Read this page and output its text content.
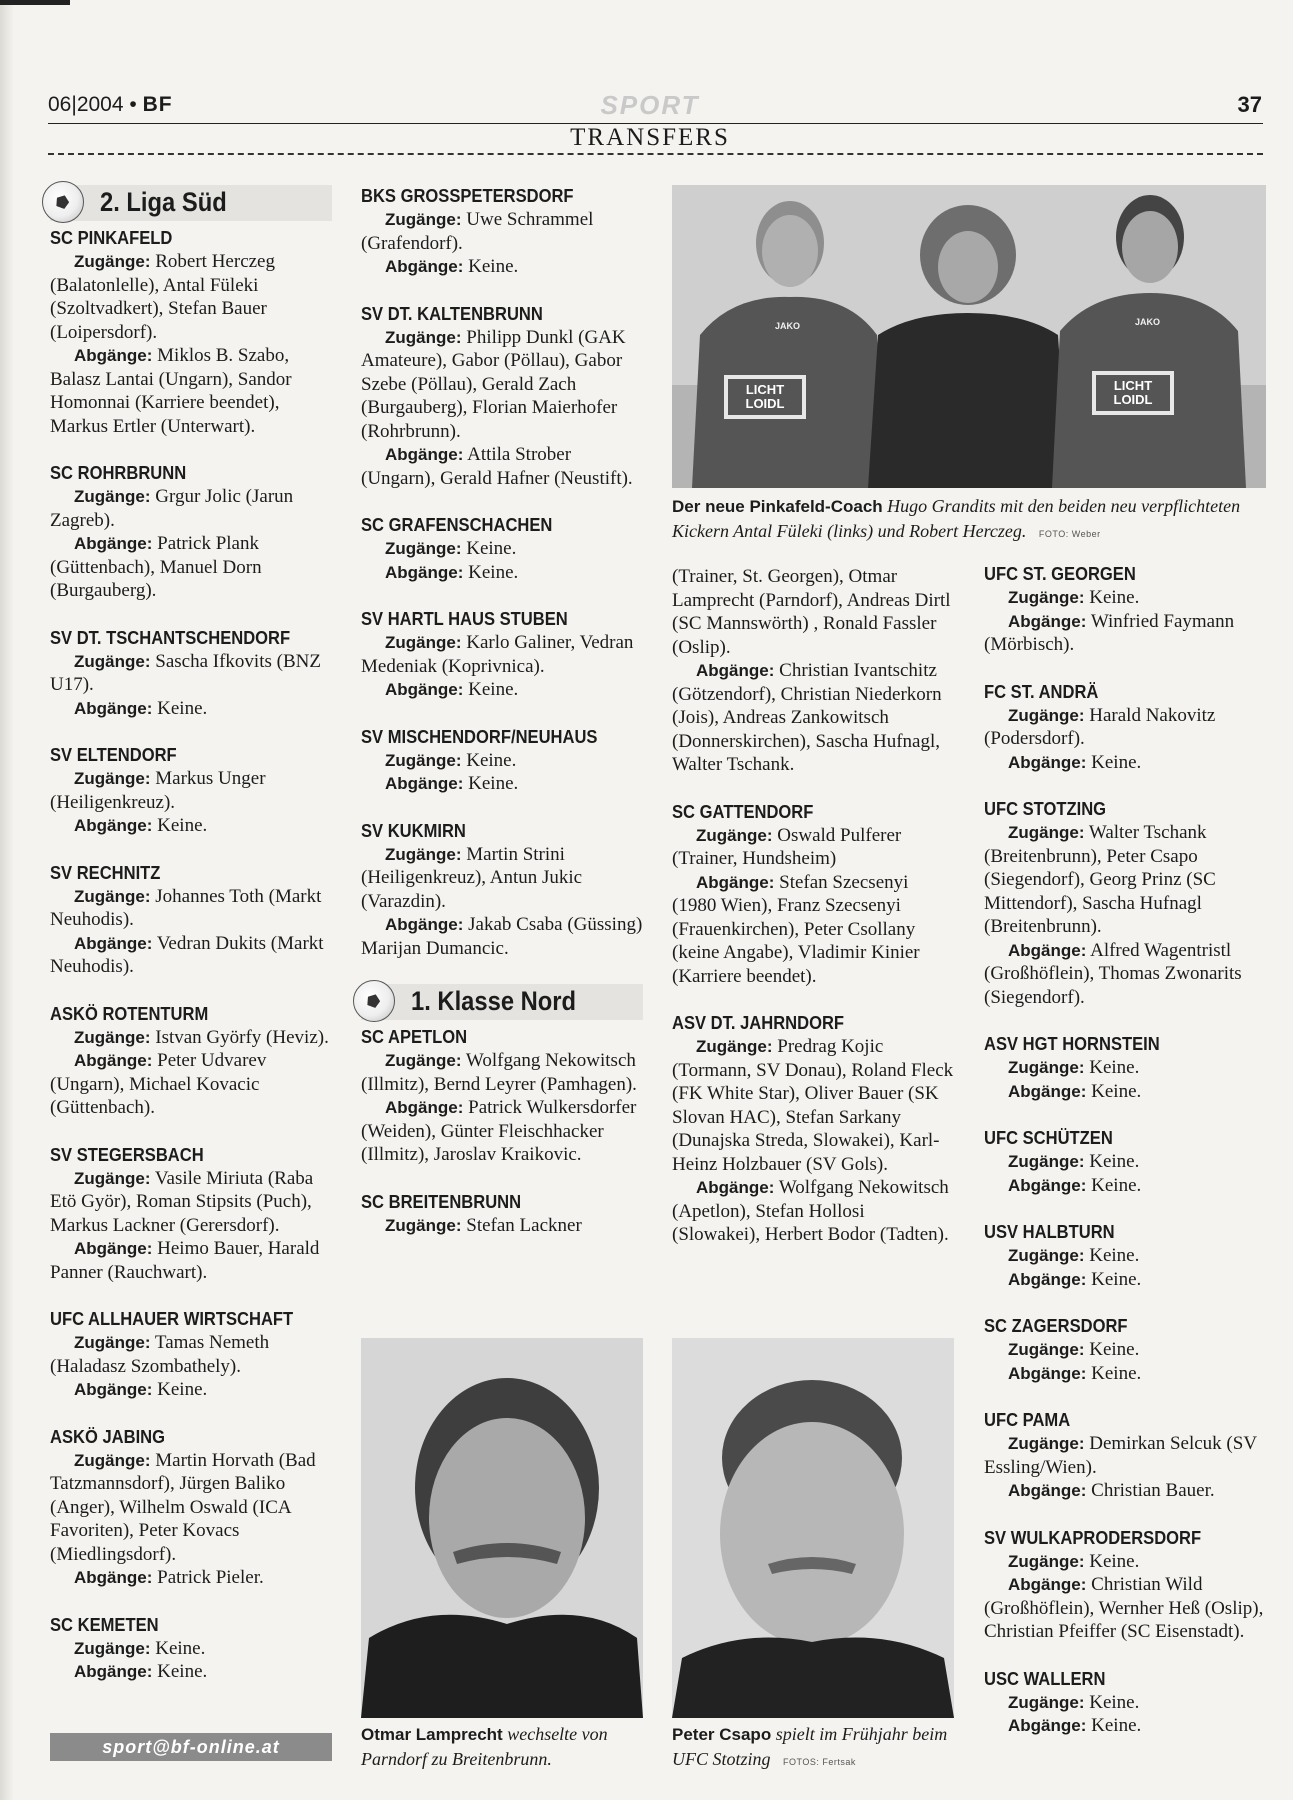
06|2004 • BF	SPORT	37
TRANSFERS
2. Liga Süd

SC PINKAFELD

Zugänge: Robert Herczeg (Balatonlelle), Antal Füleki (Szoltvadkert), Stefan Bauer (Loipersdorf).

Abgänge: Miklos B. Szabo, Balasz Lantai (Ungarn), Sandor Homonnai (Karriere beendet), Markus Ertler (Unterwart).

SC ROHRBRUNN

Zugänge: Grgur Jolic (Jarun Zagreb).

Abgänge: Patrick Plank (Güttenbach), Manuel Dorn (Burgauberg).

SV DT. TSCHANTSCHENDORF

Zugänge: Sascha Ifkovits (BNZ U17).

Abgänge: Keine.

SV ELTENDORF

Zugänge: Markus Unger (Heiligenkreuz).

Abgänge: Keine.

SV RECHNITZ

Zugänge: Johannes Toth (Markt Neuhodis).

Abgänge: Vedran Dukits (Markt Neuhodis).

ASKÖ ROTENTURM

Zugänge: Istvan Györfy (Heviz).

Abgänge: Peter Udvarev (Ungarn), Michael Kovacic (Güttenbach).

SV STEGERSBACH

Zugänge: Vasile Miriuta (Raba Etö Györ), Roman Stipsits (Puch), Markus Lackner (Gerersdorf).

Abgänge: Heimo Bauer, Harald Panner (Rauchwart).

UFC ALLHAUER WIRTSCHAFT

Zugänge: Tamas Nemeth (Haladasz Szombathely).

Abgänge: Keine.

ASKÖ JABING

Zugänge: Martin Horvath (Bad Tatzmannsdorf), Jürgen Baliko (Anger), Wilhelm Oswald (ICA Favoriten), Peter Kovacs (Miedlingsdorf).

Abgänge: Patrick Pieler.

SC KEMETEN

Zugänge: Keine.

Abgänge: Keine.

BKS GROSSPETERSDORF

Zugänge: Uwe Schrammel (Grafendorf).

Abgänge: Keine.

SV DT. KALTENBRUNN

Zugänge: Philipp Dunkl (GAK Amateure), Gabor (Pöllau), Gabor Szebe (Pöllau), Gerald Zach (Burgauberg), Florian Maierhofer (Rohrbrunn).

Abgänge: Attila Strober (Ungarn), Gerald Hafner (Neustift).

SC GRAFENSCHACHEN

Zugänge: Keine.

Abgänge: Keine.

SV HARTL HAUS STUBEN

Zugänge: Karlo Galiner, Vedran Medeniak (Koprivnica).

Abgänge: Keine.

SV MISCHENDORF/NEUHAUS

Zugänge: Keine.

Abgänge: Keine.

SV KUKMIRN

Zugänge: Martin Strini (Heiligenkreuz), Antun Jukic (Varazdin).

Abgänge: Jakab Csaba (Güssing) Marijan Dumancic.

1. Klasse Nord

SC APETLON

Zugänge: Wolfgang Nekowitsch (Illmitz), Bernd Leyrer (Pamhagen).

Abgänge: Patrick Wulkersdorfer (Weiden), Günter Fleischhacker (Illmitz), Jaroslav Kraikovic.

SC BREITENBRUNN

Zugänge: Stefan Lackner

JAKO	JAKO
LICHT LOIDL
LICHT LOIDL
Der neue Pinkafeld-Coach Hugo Grandits mit den beiden neu verpflichteten Kickern Antal Füleki (links) und Robert Herczeg. FOTO: Weber

(Trainer, St. Georgen), Otmar Lamprecht (Parndorf), Andreas Dirtl (SC Mannswörth) , Ronald Fassler (Oslip).

Abgänge: Christian Ivantschitz (Götzendorf), Christian Niederkorn (Jois), Andreas Zankowitsch (Donnerskirchen), Sascha Hufnagl, Walter Tschank.

SC GATTENDORF

Zugänge: Oswald Pulferer (Trainer, Hundsheim)

Abgänge: Stefan Szecsenyi (1980 Wien), Franz Szecsenyi (Frauenkirchen), Peter Csollany (keine Angabe), Vladimir Kinier (Karriere beendet).

ASV DT. JAHRNDORF

Zugänge: Predrag Kojic (Tormann, SV Donau), Roland Fleck (FK White Star), Oliver Bauer (SK Slovan HAC), Stefan Sarkany (Dunajska Streda, Slowakei), Karl-Heinz Holzbauer (SV Gols).

Abgänge: Wolfgang Nekowitsch (Apetlon), Stefan Hollosi (Slowakei), Herbert Bodor (Tadten).

UFC ST. GEORGEN

Zugänge: Keine.

Abgänge: Winfried Faymann (Mörbisch).

FC ST. ANDRÄ

Zugänge: Harald Nakovitz (Podersdorf).

Abgänge: Keine.

UFC STOTZING

Zugänge: Walter Tschank (Breitenbrunn), Peter Csapo (Siegendorf), Georg Prinz (SC Mittendorf), Sascha Hufnagl (Breitenbrunn).

Abgänge: Alfred Wagentristl (Großhöflein), Thomas Zwonarits (Siegendorf).

ASV HGT HORNSTEIN

Zugänge: Keine.

Abgänge: Keine.

UFC SCHÜTZEN

Zugänge: Keine.

Abgänge: Keine.

USV HALBTURN

Zugänge: Keine.

Abgänge: Keine.

SC ZAGERSDORF

Zugänge: Keine.

Abgänge: Keine.

UFC PAMA

Zugänge: Demirkan Selcuk (SV Essling/Wien).

Abgänge: Christian Bauer.

SV WULKAPRODERSDORF

Zugänge: Keine.

Abgänge: Christian Wild (Großhöflein), Wernher Heß (Oslip), Christian Pfeiffer (SC Eisenstadt).

USC WALLERN

Zugänge: Keine.

Abgänge: Keine.

Otmar Lamprecht wechselte von Parndorf zu Breitenbrunn.
Peter Csapo spielt im Frühjahr beim UFC Stotzing FOTOS: Fertsak
sport@bf-online.at
